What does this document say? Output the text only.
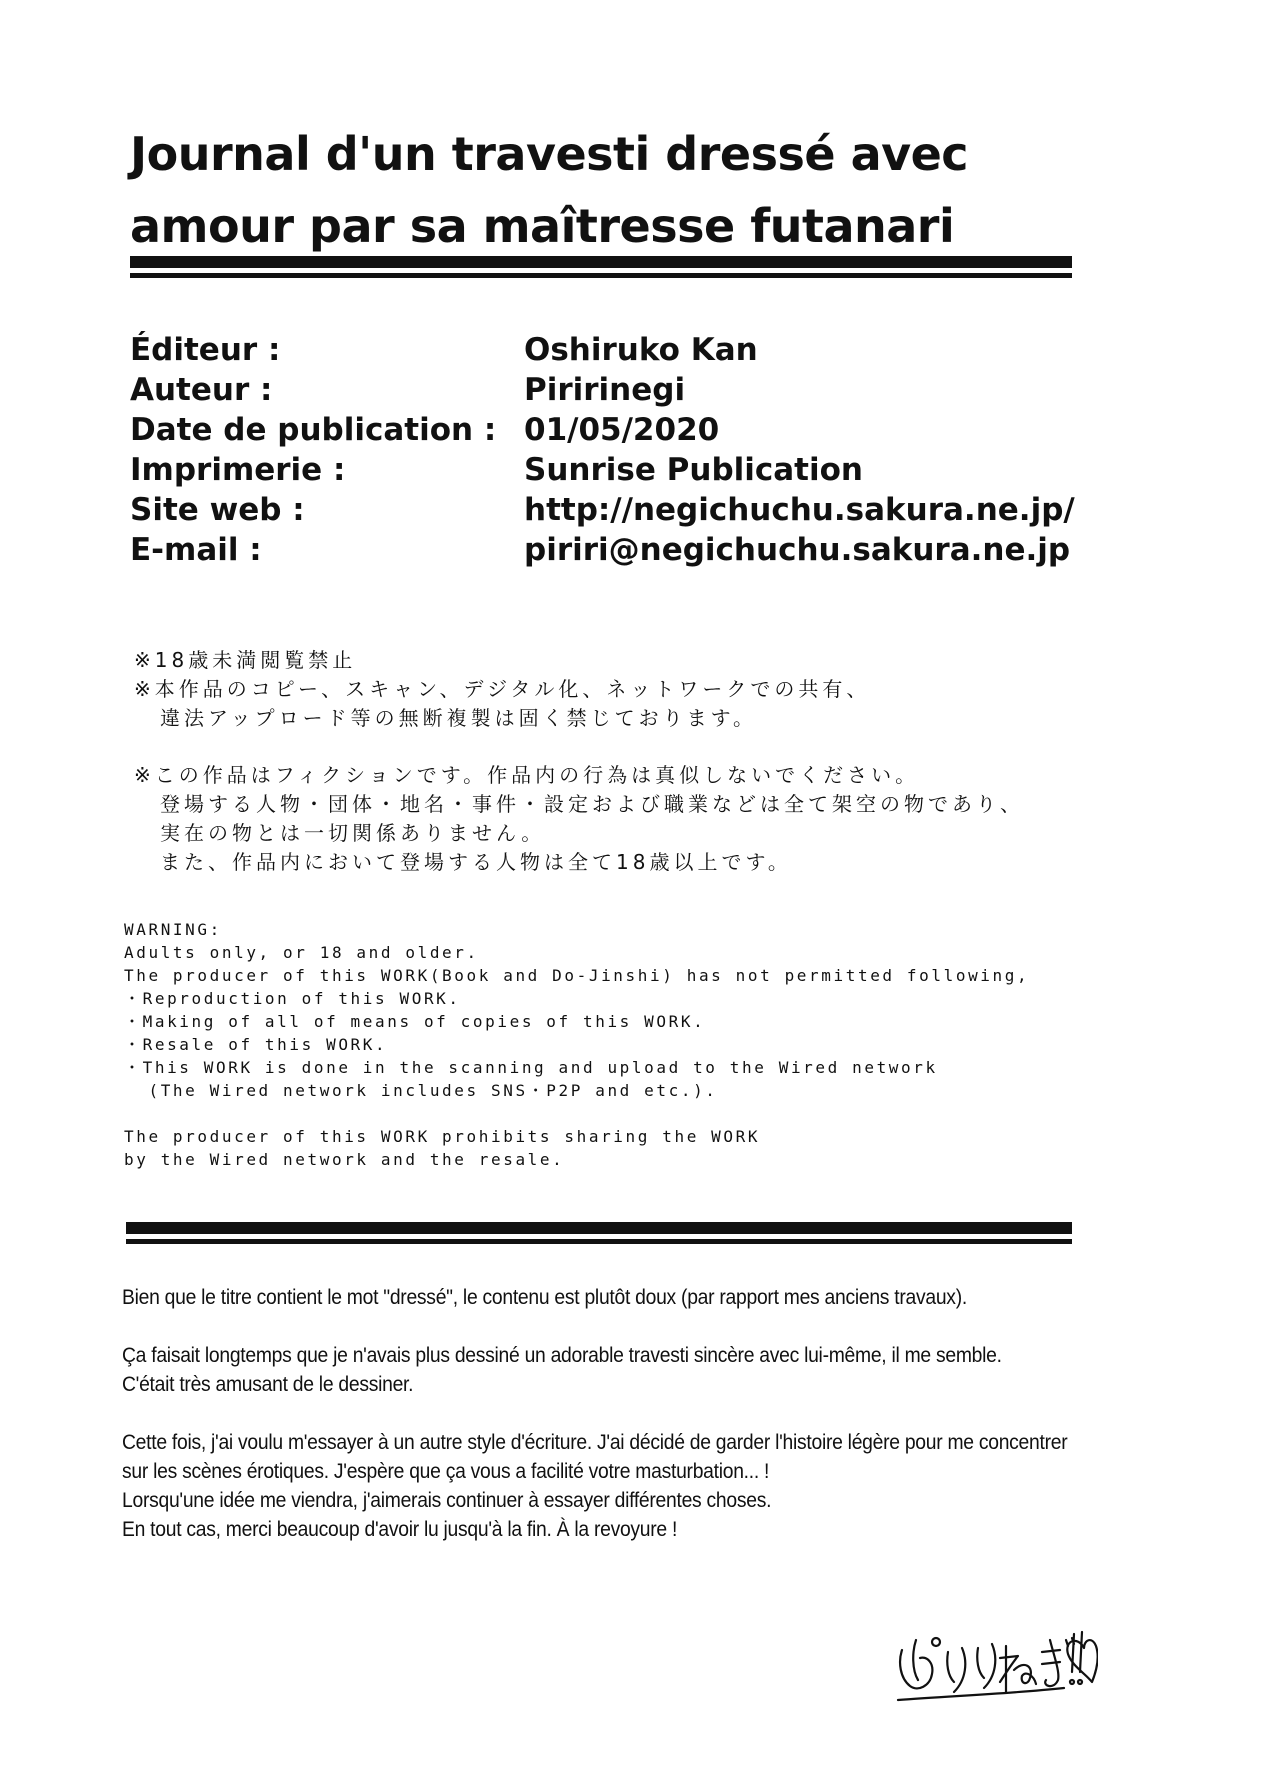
Journal d'un travesti dressé avec
amour par sa maîtresse futanari
Éditeur :	Oshiruko Kan
Auteur :	Piririnegi
Date de publication : 01/05/2020
Imprimerie :	Sunrise Publication
Site web :	http://negichuchu.sakura.ne.jp/
E-mail :	piriri@negichuchu.sakura.ne.jp
※18歳未満閲覧禁止
※本作品のコピー、スキャン、デジタル化、ネットワークでの共有、
違法アップロード等の無断複製は固く禁じております。
※この作品はフィクションです。作品内の行為は真似しないでください。
登場する人物・団体・地名・事件・設定および職業などは全て架空の物であり、
実在の物とは一切関係ありません。
また、作品内において登場する人物は全て18歳以上です。
WARNING:
Adults only, or 18 and older.
The producer of this WORK(Book and Do-Jinshi) has not permitted following,
・Reproduction of this WORK.
・Making of all of means of copies of this WORK.
・Resale of this WORK.
・This WORK is done in the scanning and upload to the Wired network
(The Wired network includes SNS・P2P and etc.).
The producer of this WORK prohibits sharing the WORK
by the Wired network and the resale.
Bien que le titre contient le mot "dressé", le contenu est plutôt doux (par rapport mes anciens travaux).
Ça faisait longtemps que je n'avais plus dessiné un adorable travesti sincère avec lui-même, il me semble.
C'était très amusant de le dessiner.
Cette fois, j'ai voulu m'essayer à un autre style d'écriture. J'ai décidé de garder l'histoire légère pour me concentrer
sur les scènes érotiques. J'espère que ça vous a facilité votre masturbation... !
Lorsqu'une idée me viendra, j'aimerais continuer à essayer différentes choses.
En tout cas, merci beaucoup d'avoir lu jusqu'à la fin. À la revoyure !
